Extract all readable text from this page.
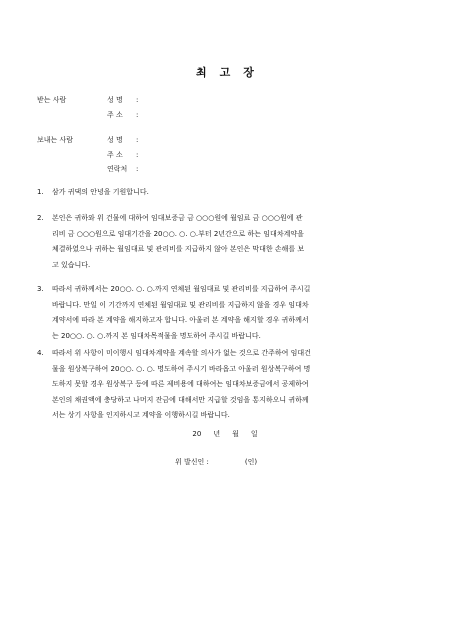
최고장
받는 사람	성 명 :
주 소 :
보내는 사람	성 명 :
주 소 :
연락처 :
1. 삼가 귀댁의 안녕을 기원합니다.
2. 본인은 귀하와 위 건물에 대하여 임대보증금 금 ○○○원에 월임료 금 ○○○원에 관
리비 금 ○○○원으로 임대기간을 20○○. ○. ○.부터 2년간으로 하는 임대차계약을
체결하였으나 귀하는 월임대료 및 관리비를 지급하지 않아 본인은 막대한 손해를 보
고 있습니다.
3. 따라서 귀하께서는 20○○. ○. ○.까지 연체된 월임대료 및 관리비를 지급하여 주시길
바랍니다. 만일 이 기간까지 연체된 월임대료 및 관리비를 지급하지 않을 경우 임대차
계약서에 따라 본 계약을 해지하고자 합니다. 아울러 본 계약을 해지할 경우 귀하께서
는 20○○. ○. ○.까지 본 임대차목적물을 명도하여 주시길 바랍니다.
4. 따라서 위 사항이 미이행시 임대차계약을 계속할 의사가 없는 것으로 간주하여 임대건
물을 원상복구하여 20○○. ○. ○. 명도하여 주시기 바라옵고 아울러 원상복구하여 명
도하지 못할 경우 원상복구 등에 따른 제비용에 대하여는 임대차보증금에서 공제하여
본인의 채권액에 충당하고 나머지 잔금에 대해서만 지급할 것임을 통지하오니 귀하께
서는 상기 사항을 인지하시고 계약을 이행하시길 바랍니다.
20 년 월 일
위 발신인 :	(인)
